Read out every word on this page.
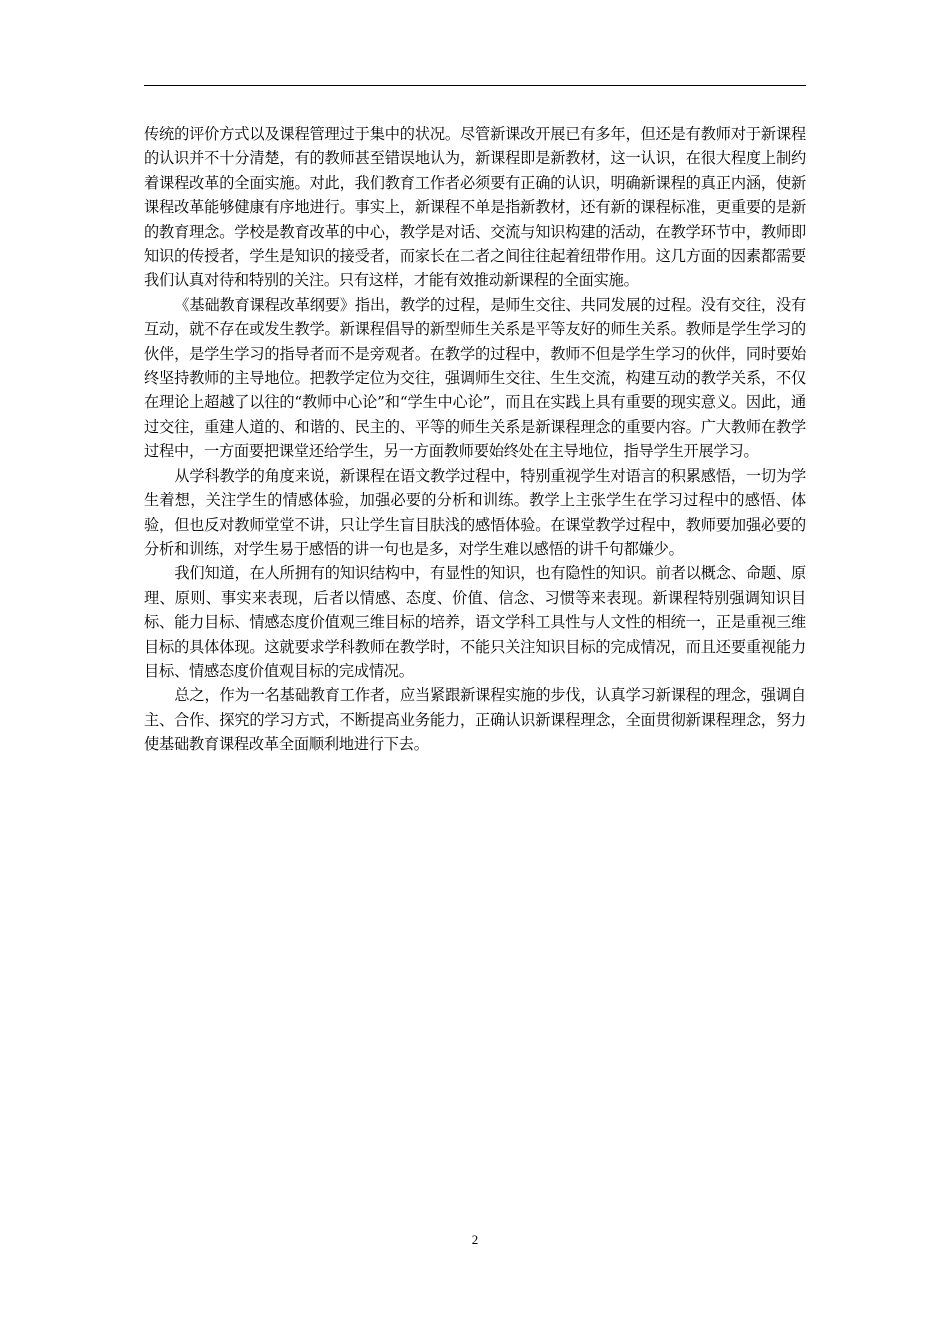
传统的评价方式以及课程管理过于集中的状况。尽管新课改开展已有多年，但还是有教师对于新课程的认识并不十分清楚，有的教师甚至错误地认为，新课程即是新教材，这一认识，在很大程度上制约着课程改革的全面实施。对此，我们教育工作者必须要有正确的认识，明确新课程的真正内涵，使新课程改革能够健康有序地进行。事实上，新课程不单是指新教材，还有新的课程标准，更重要的是新的教育理念。学校是教育改革的中心，教学是对话、交流与知识构建的活动，在教学环节中，教师即知识的传授者，学生是知识的接受者，而家长在二者之间往往起着纽带作用。这几方面的因素都需要我们认真对待和特别的关注。只有这样，才能有效推动新课程的全面实施。

《基础教育课程改革纲要》指出，教学的过程，是师生交往、共同发展的过程。没有交往，没有互动，就不存在或发生教学。新课程倡导的新型师生关系是平等友好的师生关系。教师是学生学习的伙伴，是学生学习的指导者而不是旁观者。在教学的过程中，教师不但是学生学习的伙伴，同时要始终坚持教师的主导地位。把教学定位为交往，强调师生交往、生生交流，构建互动的教学关系，不仅在理论上超越了以往的“教师中心论”和“学生中心论”，而且在实践上具有重要的现实意义。因此，通过交往，重建人道的、和谐的、民主的、平等的师生关系是新课程理念的重要内容。广大教师在教学过程中，一方面要把课堂还给学生，另一方面教师要始终处在主导地位，指导学生开展学习。

从学科教学的角度来说，新课程在语文教学过程中，特别重视学生对语言的积累感悟，一切为学生着想，关注学生的情感体验，加强必要的分析和训练。教学上主张学生在学习过程中的感悟、体验，但也反对教师堂堂不讲，只让学生盲目肤浅的感悟体验。在课堂教学过程中，教师要加强必要的分析和训练，对学生易于感悟的讲一句也是多，对学生难以感悟的讲千句都嫌少。

我们知道，在人所拥有的知识结构中，有显性的知识，也有隐性的知识。前者以概念、命题、原理、原则、事实来表现，后者以情感、态度、价值、信念、习惯等来表现。新课程特别强调知识目标、能力目标、情感态度价值观三维目标的培养，语文学科工具性与人文性的相统一，正是重视三维目标的具体体现。这就要求学科教师在教学时，不能只关注知识目标的完成情况，而且还要重视能力目标、情感态度价值观目标的完成情况。

总之，作为一名基础教育工作者，应当紧跟新课程实施的步伐，认真学习新课程的理念，强调自主、合作、探究的学习方式，不断提高业务能力，正确认识新课程理念，全面贯彻新课程理念，努力使基础教育课程改革全面顺利地进行下去。

2
